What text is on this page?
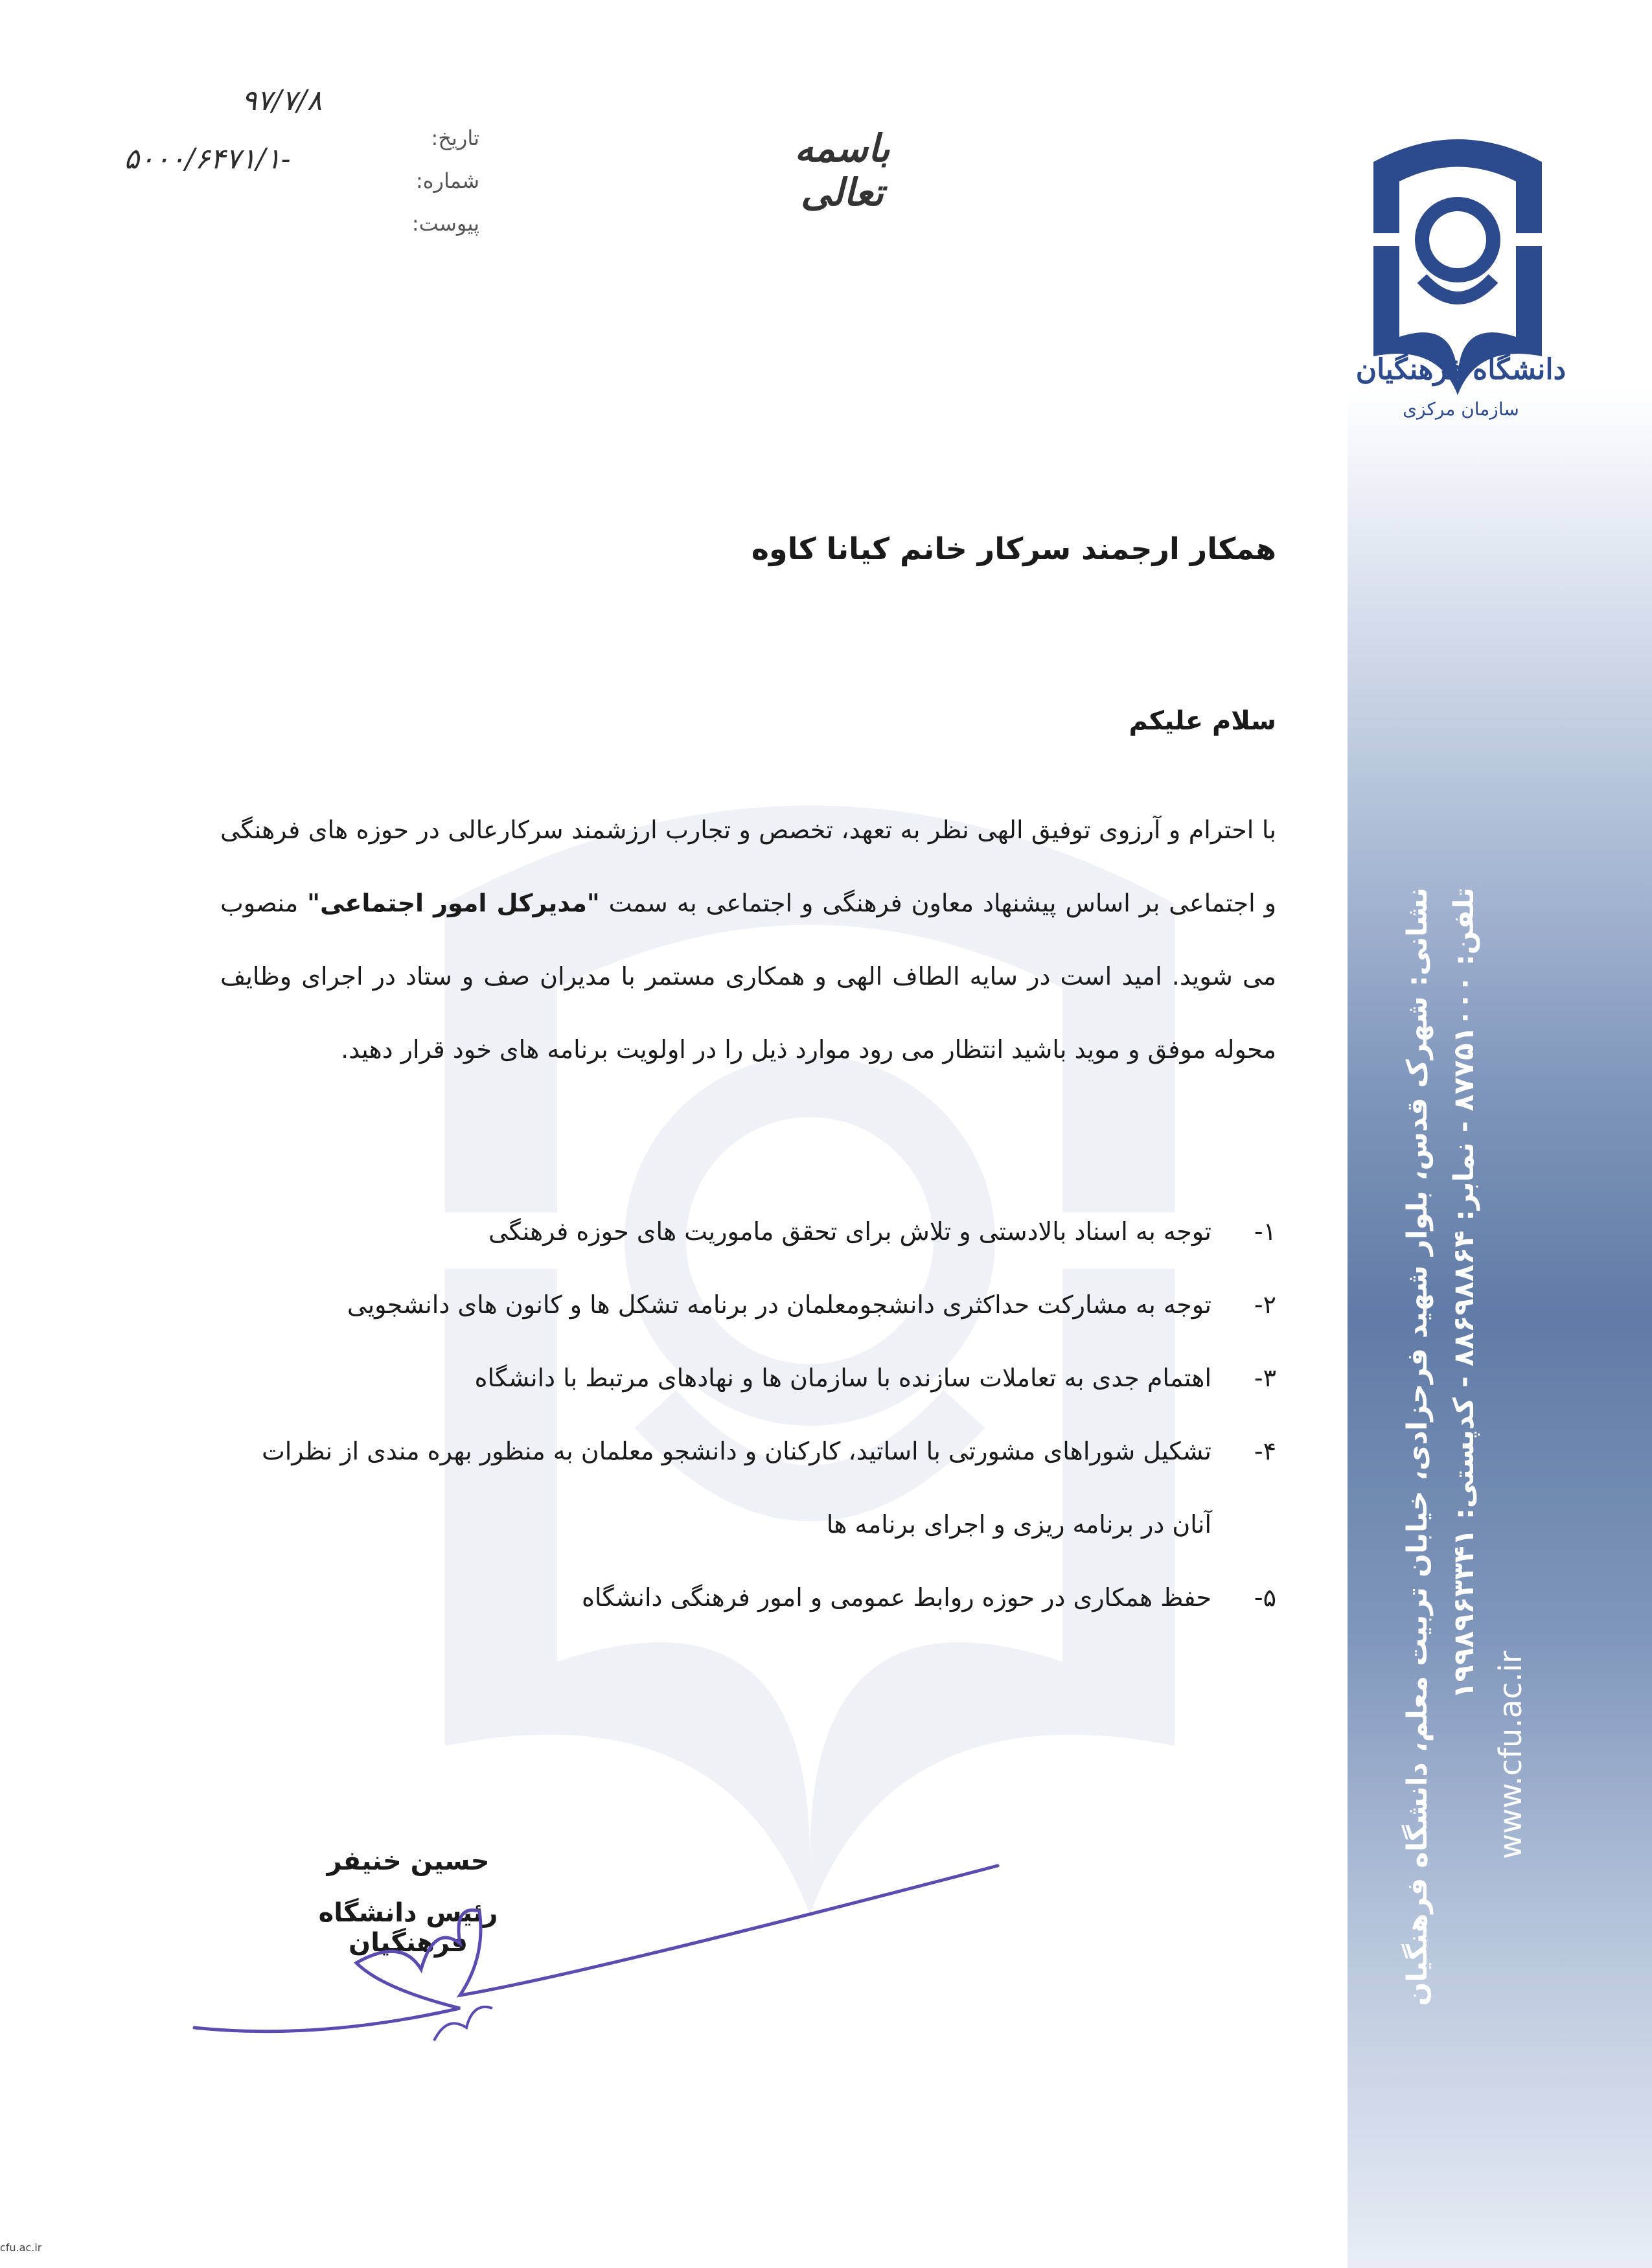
دانشگاه فرهنگیان
سازمان مرکزی
نشانی: شهرک قدس، بلوار شهید فرحزادی، خیابان تربیت معلم، دانشگاه فرهنگیان تلفن: ۸۷۷۵۱۰۰۰ - نمابر: ۸۸۶۹۸۸۶۴ - کدپستی: ۱۹۹۸۹۶۳۳۴۱
www.cfu.ac.ir
باسمه تعالی
تاریخ:
شماره:
پیوست:
۹۷/۷/۸
۵۰۰۰/۶۴۷۱/۱-
همکار ارجمند سرکار خانم کیانا کاوه
سلام علیکم
با احترام و آرزوی توفیق الهی نظر به تعهد، تخصص و تجارب ارزشمند سرکارعالی در حوزه های فرهنگی و اجتماعی بر اساس پیشنهاد معاون فرهنگی و اجتماعی به سمت "مدیرکل امور اجتماعی" منصوب می شوید. امید است در سایه الطاف الهی و همکاری مستمر با مدیران صف و ستاد در اجرای وظایف محوله موفق و موید باشید انتظار می رود موارد ذیل را در اولویت برنامه های خود قرار دهید.
۱-
توجه به اسناد بالادستی و تلاش برای تحقق ماموریت های حوزه فرهنگی
۲-
توجه به مشارکت حداکثری دانشجومعلمان در برنامه تشکل ها و کانون های دانشجویی
۳-
اهتمام جدی به تعاملات سازنده با سازمان ها و نهادهای مرتبط با دانشگاه
۴-
تشکیل شوراهای مشورتی با اساتید، کارکنان و دانشجو معلمان به منظور بهره مندی از نظرات آنان در برنامه ریزی و اجرای برنامه ها
۵-
حفظ همکاری در حوزه روابط عمومی و امور فرهنگی دانشگاه
حسین خنیفر
رئیس دانشگاه فرهنگیان
cfu.ac.ir
